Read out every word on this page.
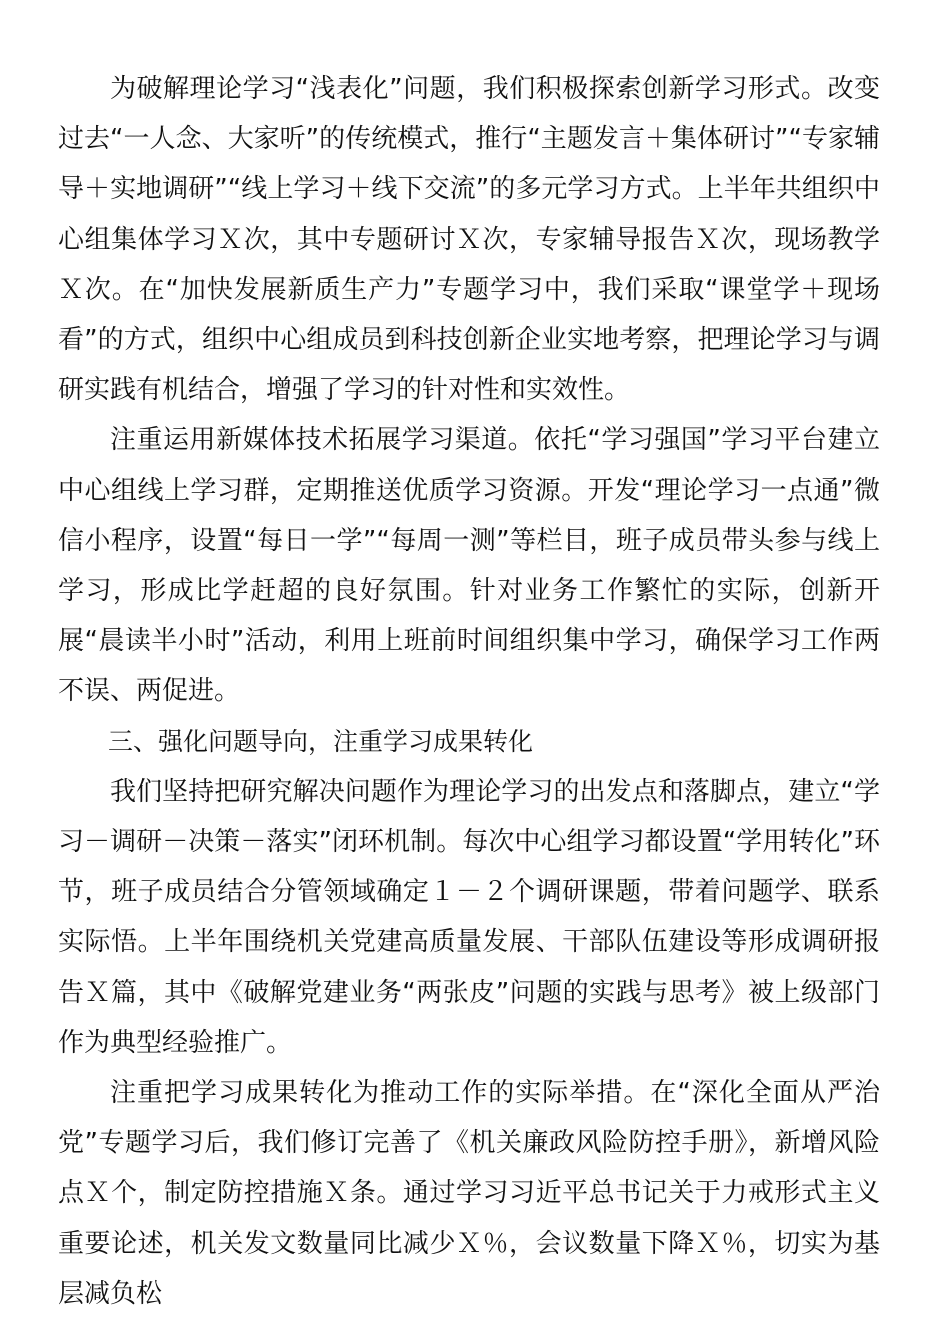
为破解理论学习“浅表化”问题，我们积极探索创新学习形式。改变过去“一人念、大家听”的传统模式，推行“主题发言＋集体研讨”“专家辅导＋实地调研”“线上学习＋线下交流”的多元学习方式。上半年共组织中心组集体学习Ｘ次，其中专题研讨Ｘ次，专家辅导报告Ｘ次，现场教学Ｘ次。在“加快发展新质生产力”专题学习中，我们采取“课堂学＋现场看”的方式，组织中心组成员到科技创新企业实地考察，把理论学习与调研实践有机结合，增强了学习的针对性和实效性。

注重运用新媒体技术拓展学习渠道。依托“学习强国”学习平台建立中心组线上学习群，定期推送优质学习资源。开发“理论学习一点通”微信小程序，设置“每日一学”“每周一测”等栏目，班子成员带头参与线上学习，形成比学赶超的良好氛围。针对业务工作繁忙的实际，创新开展“晨读半小时”活动，利用上班前时间组织集中学习，确保学习工作两不误、两促进。

三、强化问题导向，注重学习成果转化

我们坚持把研究解决问题作为理论学习的出发点和落脚点，建立“学习－调研－决策－落实”闭环机制。每次中心组学习都设置“学用转化”环节，班子成员结合分管领域确定１－２个调研课题，带着问题学、联系实际悟。上半年围绕机关党建高质量发展、干部队伍建设等形成调研报告Ｘ篇，其中《破解党建业务“两张皮”问题的实践与思考》被上级部门作为典型经验推广。

注重把学习成果转化为推动工作的实际举措。在“深化全面从严治党”专题学习后，我们修订完善了《机关廉政风险防控手册》，新增风险点Ｘ个，制定防控措施Ｘ条。通过学习习近平总书记关于力戒形式主义重要论述，机关发文数量同比减少Ｘ％，会议数量下降Ｘ％，切实为基层减负松
